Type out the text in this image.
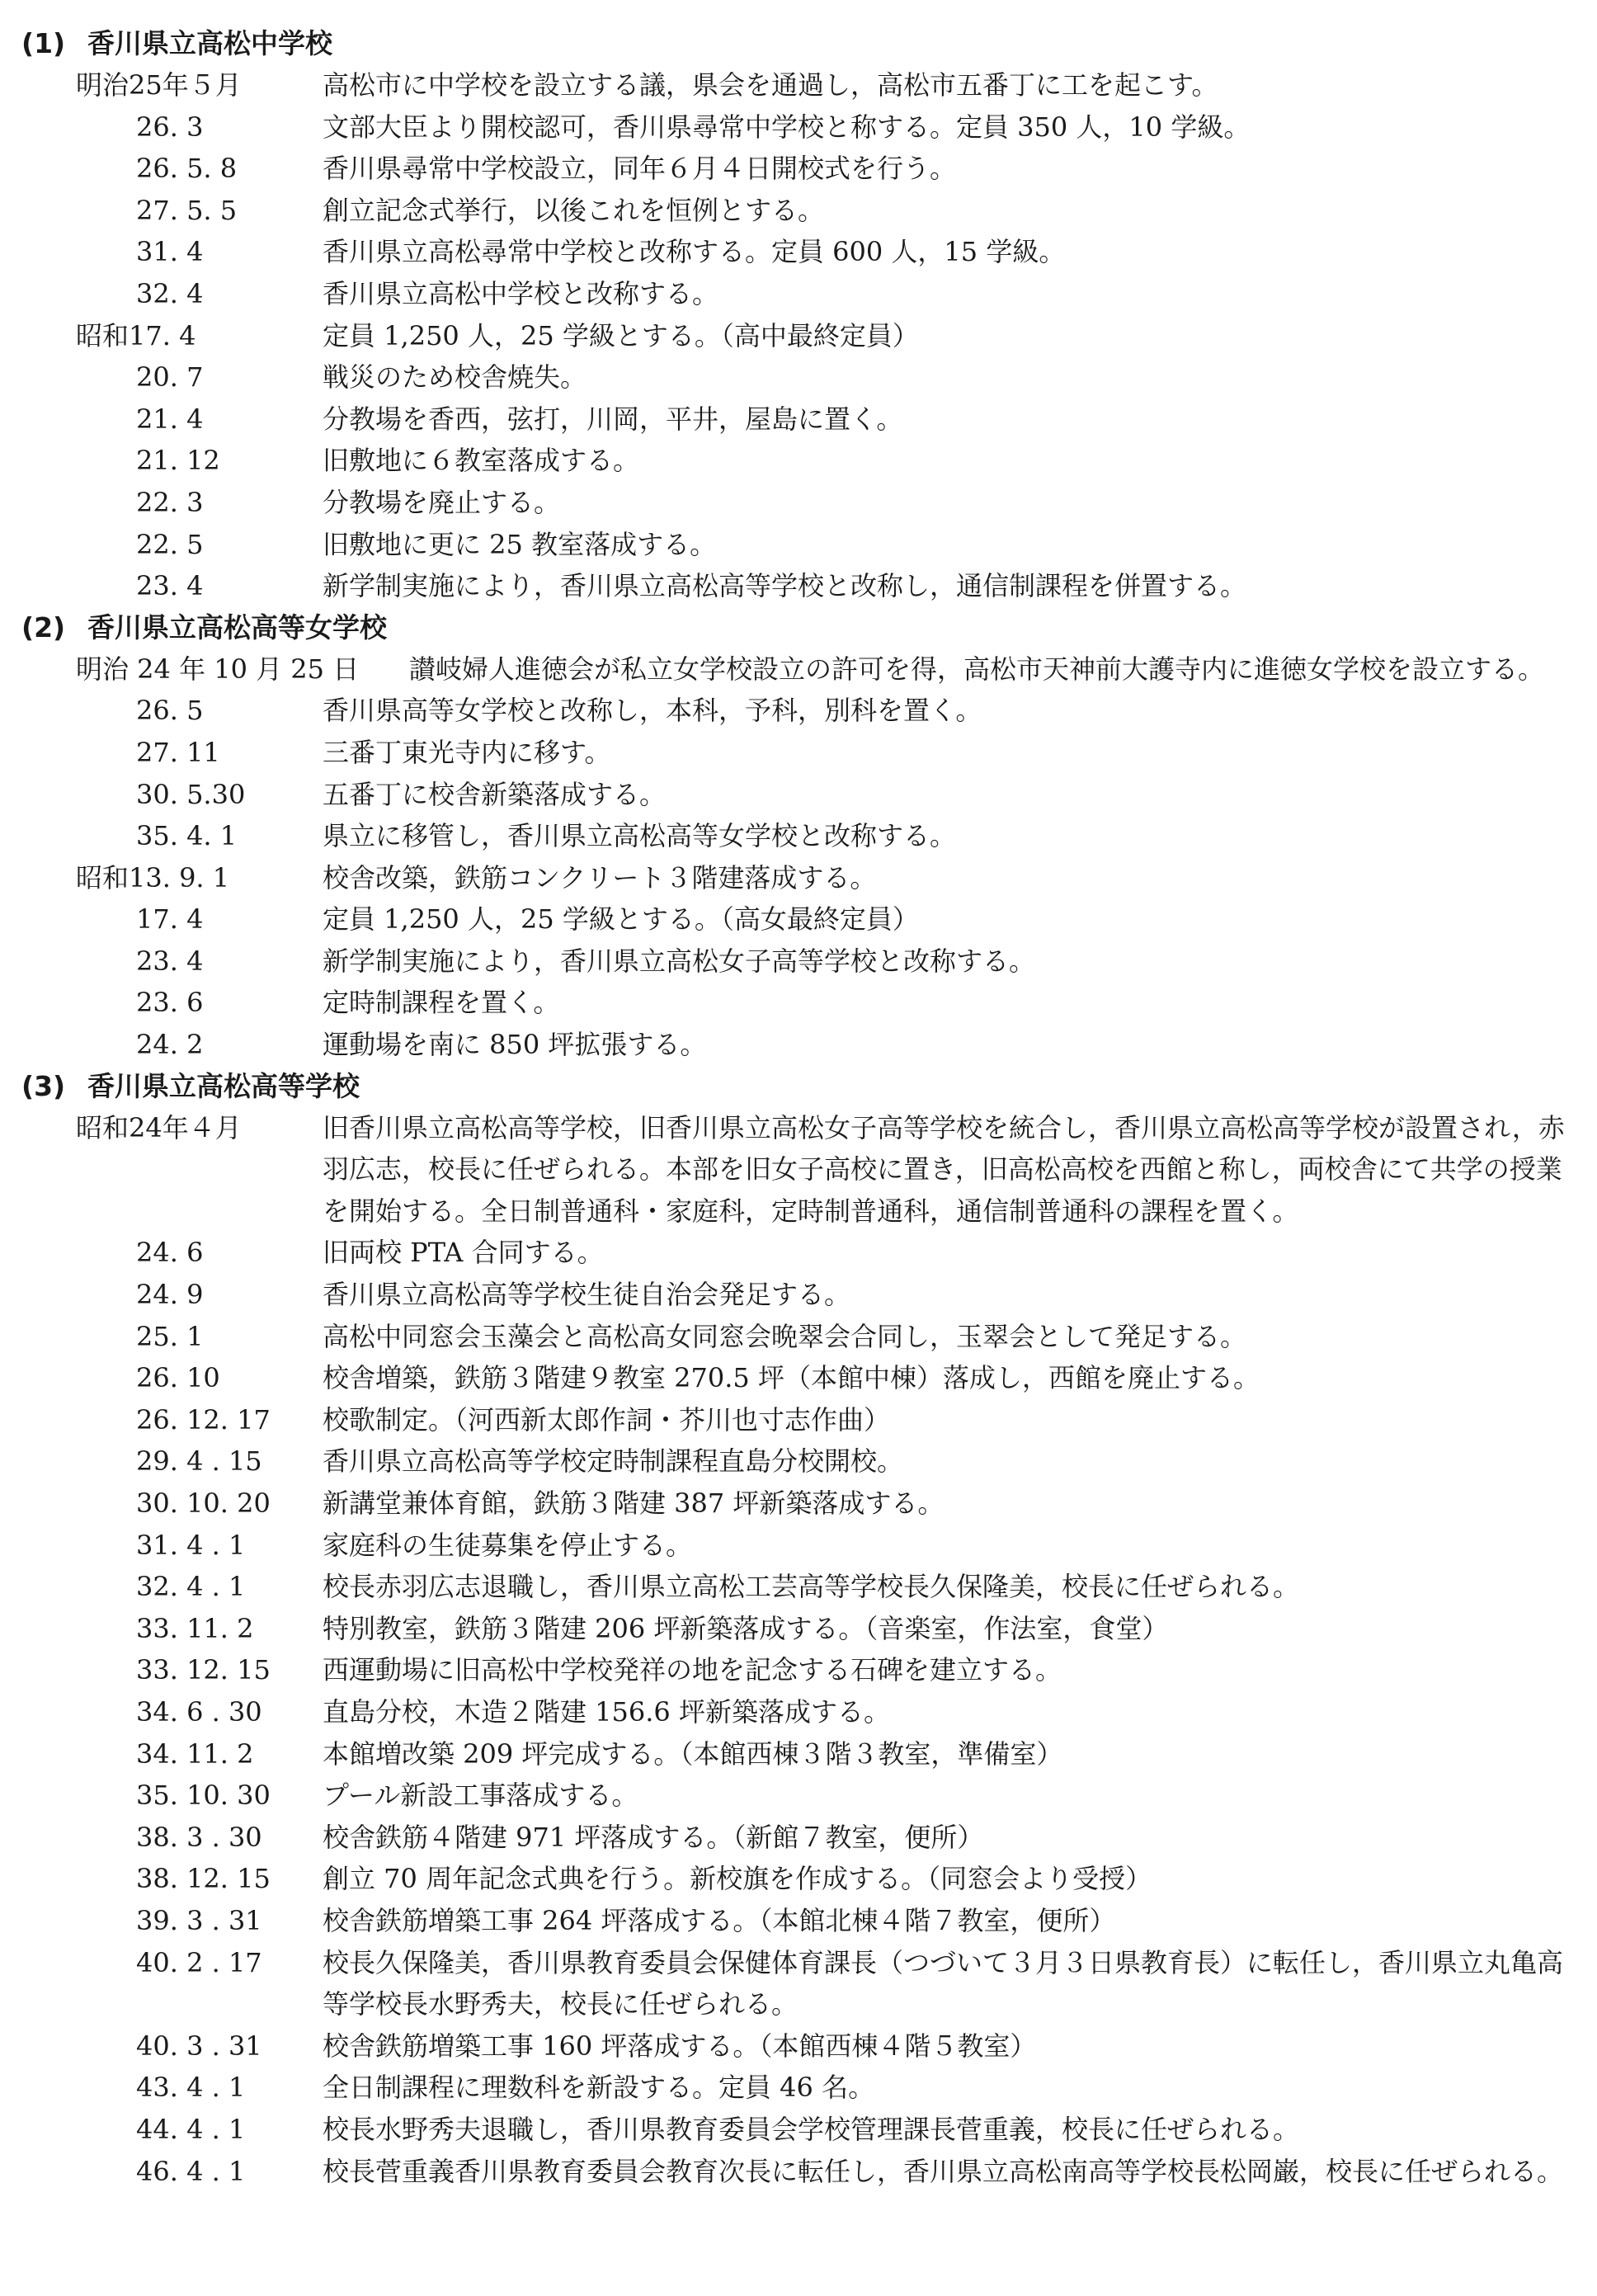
(1) 香川県立高松中学校
明治25年５月	高松市に中学校を設立する議，県会を通過し，高松市五番丁に工を起こす。
26. 3	文部大臣より開校認可，香川県尋常中学校と称する。定員 350 人，10 学級。
26. 5. 8	香川県尋常中学校設立，同年６月４日開校式を行う。
27. 5. 5	創立記念式挙行，以後これを恒例とする。
31. 4	香川県立高松尋常中学校と改称する。定員 600 人，15 学級。
32. 4	香川県立高松中学校と改称する。
昭和17. 4	定員 1,250 人，25 学級とする。（高中最終定員）
20. 7	戦災のため校舎焼失。
21. 4	分教場を香西，弦打，川岡，平井，屋島に置く。
21. 12	旧敷地に６教室落成する。
22. 3	分教場を廃止する。
22. 5	旧敷地に更に 25 教室落成する。
23. 4	新学制実施により，香川県立高松高等学校と改称し，通信制課程を併置する。
(2) 香川県立高松高等女学校
明治 24 年 10 月 25 日	讃岐婦人進徳会が私立女学校設立の許可を得，高松市天神前大護寺内に進徳女学校を設立する。
26. 5	香川県高等女学校と改称し，本科，予科，別科を置く。
27. 11	三番丁東光寺内に移す。
30. 5.30	五番丁に校舎新築落成する。
35. 4. 1	県立に移管し，香川県立高松高等女学校と改称する。
昭和13. 9. 1	校舎改築，鉄筋コンクリート３階建落成する。
17. 4	定員 1,250 人，25 学級とする。（高女最終定員）
23. 4	新学制実施により，香川県立高松女子高等学校と改称する。
23. 6	定時制課程を置く。
24. 2	運動場を南に 850 坪拡張する。
(3) 香川県立高松高等学校
昭和24年４月	旧香川県立高松高等学校，旧香川県立高松女子高等学校を統合し，香川県立高松高等学校が設置され，赤羽広志，校長に任ぜられる。本部を旧女子高校に置き，旧高松高校を西館と称し，両校舎にて共学の授業を開始する。全日制普通科・家庭科，定時制普通科，通信制普通科の課程を置く。
24. 6	旧両校 PTA 合同する。
24. 9	香川県立高松高等学校生徒自治会発足する。
25. 1	高松中同窓会玉藻会と高松高女同窓会晩翠会合同し，玉翠会として発足する。
26. 10	校舎増築，鉄筋３階建９教室 270.5 坪（本館中棟）落成し，西館を廃止する。
26. 12. 17	校歌制定。（河西新太郎作詞・芥川也寸志作曲）
29. 4 . 15	香川県立高松高等学校定時制課程直島分校開校。
30. 10. 20	新講堂兼体育館，鉄筋３階建 387 坪新築落成する。
31. 4 . 1	家庭科の生徒募集を停止する。
32. 4 . 1	校長赤羽広志退職し，香川県立高松工芸高等学校長久保隆美，校長に任ぜられる。
33. 11. 2	特別教室，鉄筋３階建 206 坪新築落成する。（音楽室，作法室，食堂）
33. 12. 15	西運動場に旧高松中学校発祥の地を記念する石碑を建立する。
34. 6 . 30	直島分校，木造２階建 156.6 坪新築落成する。
34. 11. 2	本館増改築 209 坪完成する。（本館西棟３階３教室，準備室）
35. 10. 30	プール新設工事落成する。
38. 3 . 30	校舎鉄筋４階建 971 坪落成する。（新館７教室，便所）
38. 12. 15	創立 70 周年記念式典を行う。新校旗を作成する。（同窓会より受授）
39. 3 . 31	校舎鉄筋増築工事 264 坪落成する。（本館北棟４階７教室，便所）
40. 2 . 17	校長久保隆美，香川県教育委員会保健体育課長（つづいて３月３日県教育長）に転任し，香川県立丸亀高等学校長水野秀夫，校長に任ぜられる。
40. 3 . 31	校舎鉄筋増築工事 160 坪落成する。（本館西棟４階５教室）
43. 4 . 1	全日制課程に理数科を新設する。定員 46 名。
44. 4 . 1	校長水野秀夫退職し，香川県教育委員会学校管理課長菅重義，校長に任ぜられる。
46. 4 . 1	校長菅重義香川県教育委員会教育次長に転任し，香川県立高松南高等学校長松岡巌，校長に任ぜられる。
